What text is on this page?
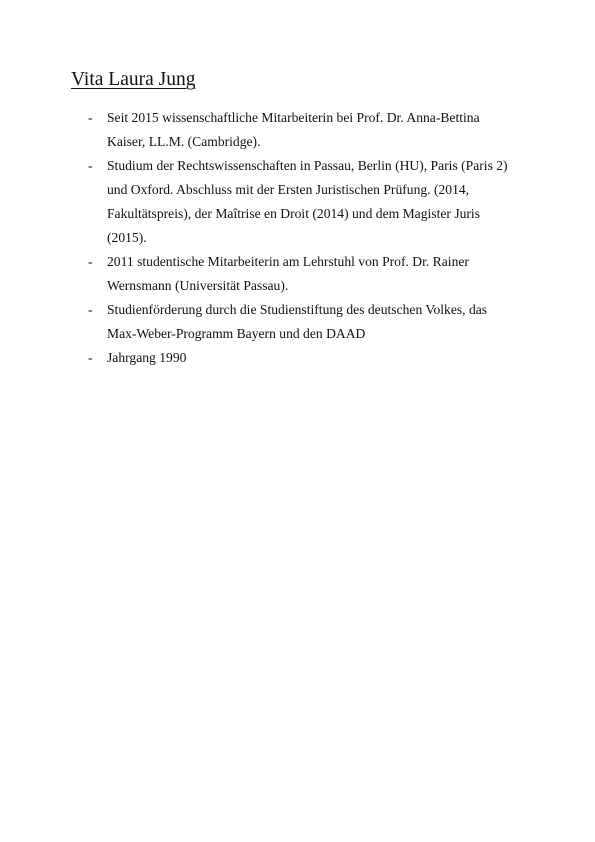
Vita Laura Jung
- Seit 2015 wissenschaftliche Mitarbeiterin bei Prof. Dr. Anna-Bettina
Kaiser, LL.M. (Cambridge).
- Studium der Rechtswissenschaften in Passau, Berlin (HU), Paris (Paris 2)
und Oxford. Abschluss mit der Ersten Juristischen Prüfung. (2014,
Fakultätspreis), der Maîtrise en Droit (2014) und dem Magister Juris
(2015).
- 2011 studentische Mitarbeiterin am Lehrstuhl von Prof. Dr. Rainer
Wernsmann (Universität Passau).
- Studienförderung durch die Studienstiftung des deutschen Volkes, das
Max-Weber-Programm Bayern und den DAAD
- Jahrgang 1990
